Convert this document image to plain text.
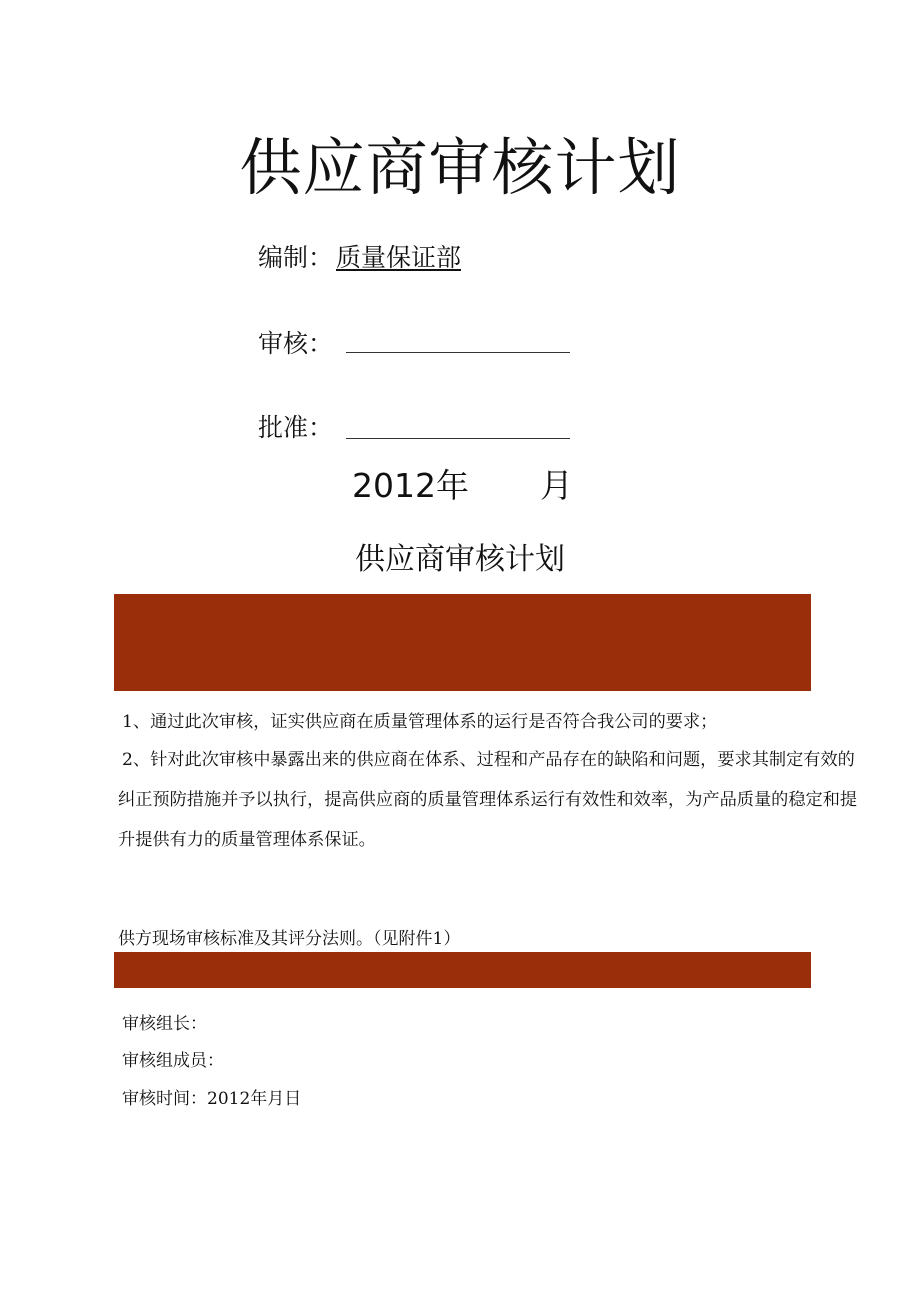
供应商审核计划
编制： 质量保证部
审核：
批准：
2012年 月
供应商审核计划
1、通过此次审核，证实供应商在质量管理体系的运行是否符合我公司的要求；
2、针对此次审核中暴露出来的供应商在体系、过程和产品存在的缺陷和问题，要求其制定有效的纠正预防措施并予以执行，提高供应商的质量管理体系运行有效性和效率，为产品质量的稳定和提升提供有力的质量管理体系保证。
供方现场审核标准及其评分法则。（见附件1）
审核组长：
审核组成员：
审核时间：2012年月日
